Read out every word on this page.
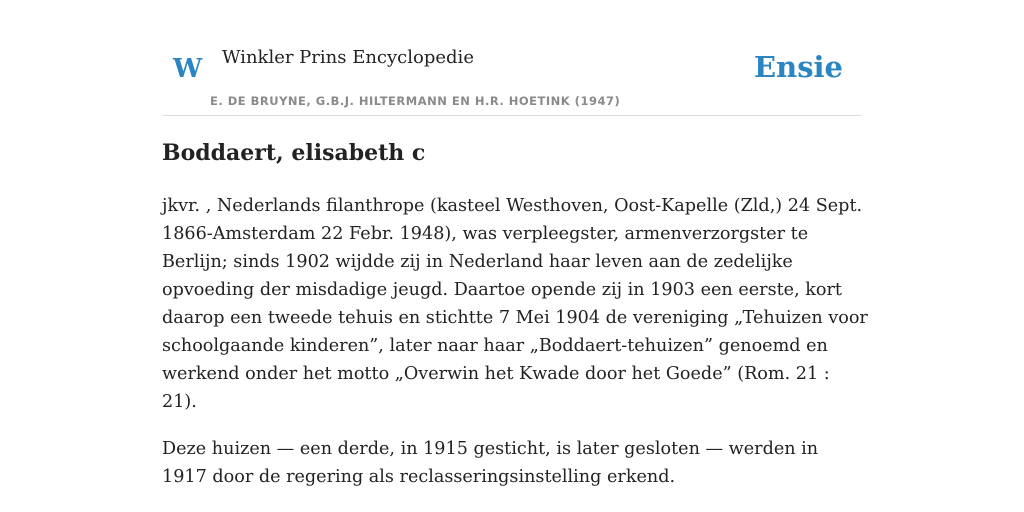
W Winkler Prins Encyclopedie
E. DE BRUYNE, G.B.J. HILTERMANN EN H.R. HOETINK (1947)
Ensie
Boddaert, elisabeth c

jkvr. , Nederlands filanthrope (kasteel Westhoven, Oost-Kapelle (Zld,) 24 Sept. 1866-Amsterdam 22 Febr. 1948), was verpleegster, armenverzorgster te Berlijn; sinds 1902 wijdde zij in Nederland haar leven aan de zedelijke opvoeding der misdadige jeugd. Daartoe opende zij in 1903 een eerste, kort daarop een tweede tehuis en stichtte 7 Mei 1904 de vereniging „Tehuizen voor schoolgaande kinderen”, later naar haar „Boddaert-tehuizen” genoemd en werkend onder het motto „Overwin het Kwade door het Goede” (Rom. 21 : 21).

Deze huizen — een derde, in 1915 gesticht, is later gesloten — werden in 1917 door de regering als reclasseringsinstelling erkend.
